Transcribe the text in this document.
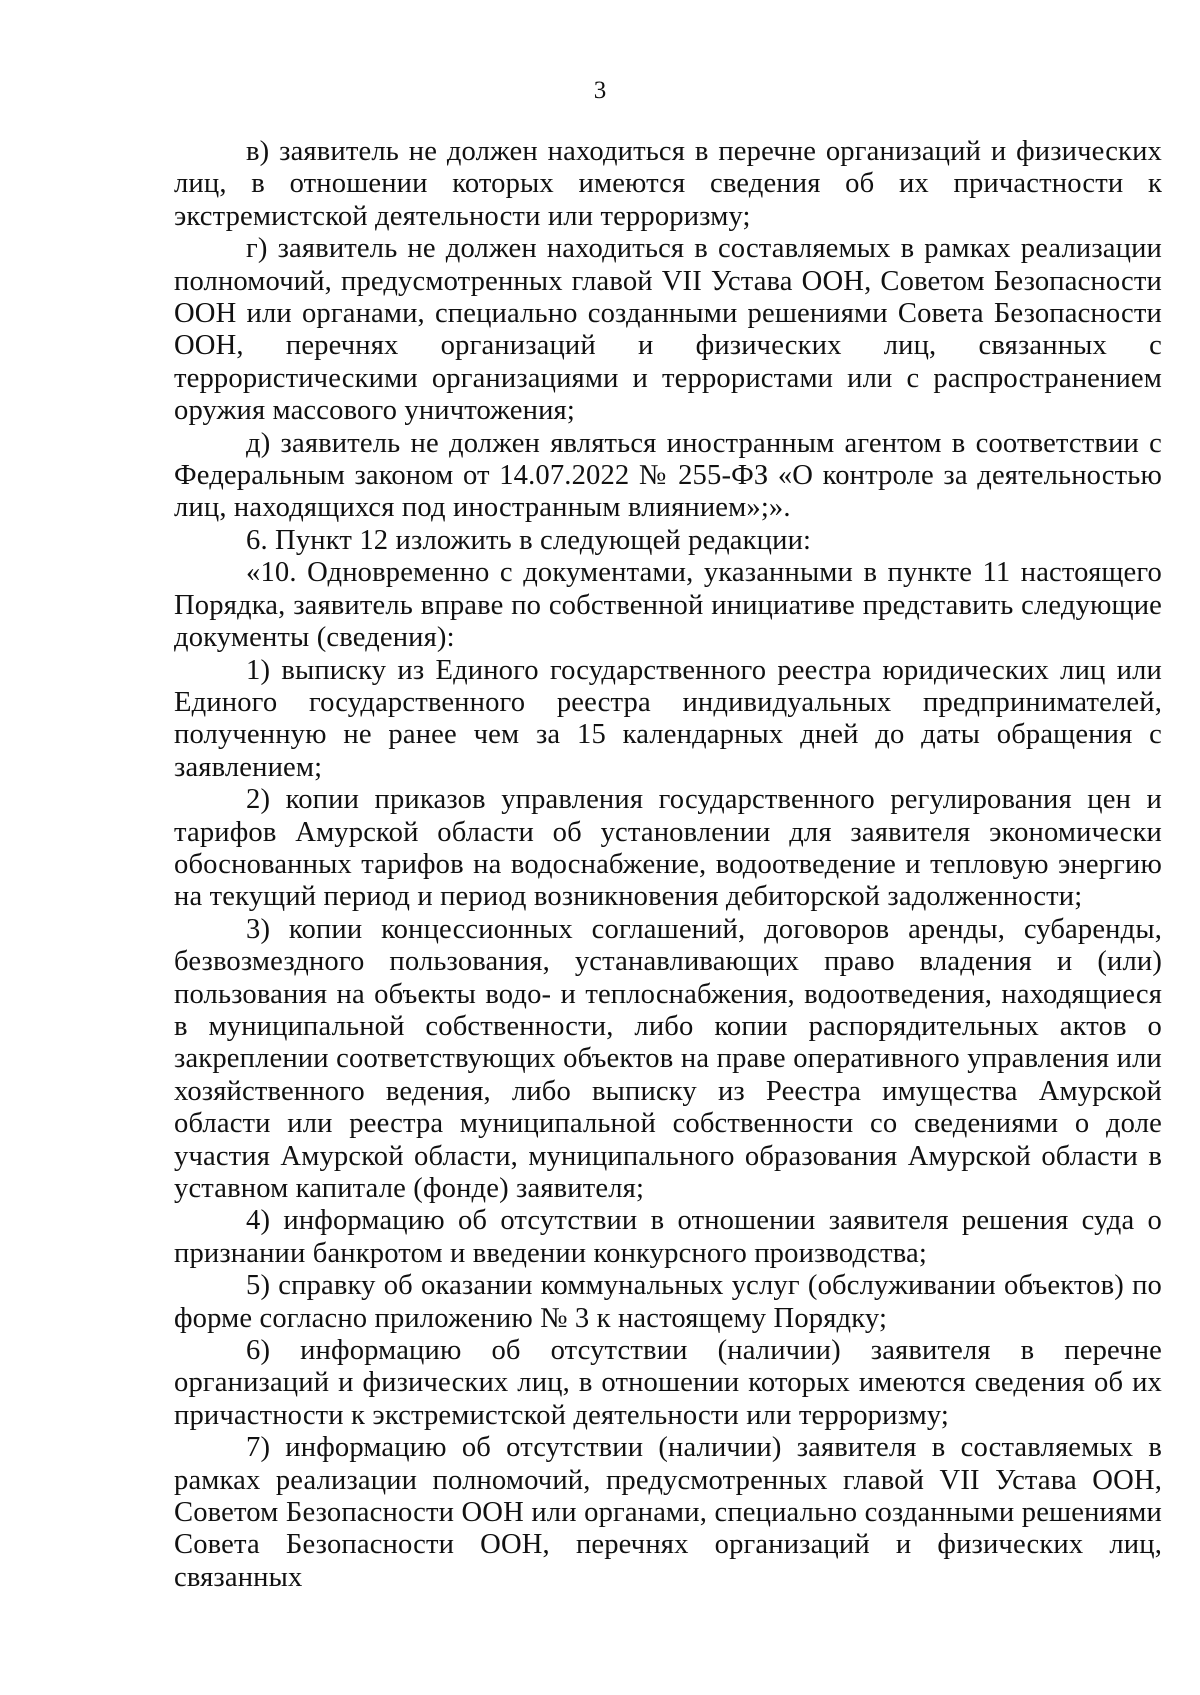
3

в) заявитель не должен находиться в перечне организаций и физических лиц, в отношении которых имеются сведения об их причастности к экстремистской деятельности или терроризму;

г) заявитель не должен находиться в составляемых в рамках реализации полномочий, предусмотренных главой VII Устава ООН, Советом Безопасности ООН или органами, специально созданными решениями Совета Безопасности ООН, перечнях организаций и физических лиц, связанных с террористическими организациями и террористами или с распространением оружия массового уничтожения;

д) заявитель не должен являться иностранным агентом в соответствии с Федеральным законом от 14.07.2022 № 255-ФЗ «О контроле за деятельностью лиц, находящихся под иностранным влиянием»;».

6. Пункт 12 изложить в следующей редакции:

«10. Одновременно с документами, указанными в пункте 11 настоящего Порядка, заявитель вправе по собственной инициативе представить следующие документы (сведения):

1) выписку из Единого государственного реестра юридических лиц или Единого государственного реестра индивидуальных предпринимателей, полученную не ранее чем за 15 календарных дней до даты обращения с заявлением;

2) копии приказов управления государственного регулирования цен и тарифов Амурской области об установлении для заявителя экономически обоснованных тарифов на водоснабжение, водоотведение и тепловую энергию на текущий период и период возникновения дебиторской задолженности;

3) копии концессионных соглашений, договоров аренды, субаренды, безвозмездного пользования, устанавливающих право владения и (или) пользования на объекты водо- и теплоснабжения, водоотведения, находящиеся в муниципальной собственности, либо копии распорядительных актов о закреплении соответствующих объектов на праве оперативного управления или хозяйственного ведения, либо выписку из Реестра имущества Амурской области или реестра муниципальной собственности со сведениями о доле участия Амурской области, муниципального образования Амурской области в уставном капитале (фонде) заявителя;

4) информацию об отсутствии в отношении заявителя решения суда о признании банкротом и введении конкурсного производства;

5) справку об оказании коммунальных услуг (обслуживании объектов) по форме согласно приложению № 3 к настоящему Порядку;

6) информацию об отсутствии (наличии) заявителя в перечне организаций и физических лиц, в отношении которых имеются сведения об их причастности к экстремистской деятельности или терроризму;

7) информацию об отсутствии (наличии) заявителя в составляемых в рамках реализации полномочий, предусмотренных главой VII Устава ООН, Советом Безопасности ООН или органами, специально созданными решениями Совета Безопасности ООН, перечнях организаций и физических лиц, связанных
